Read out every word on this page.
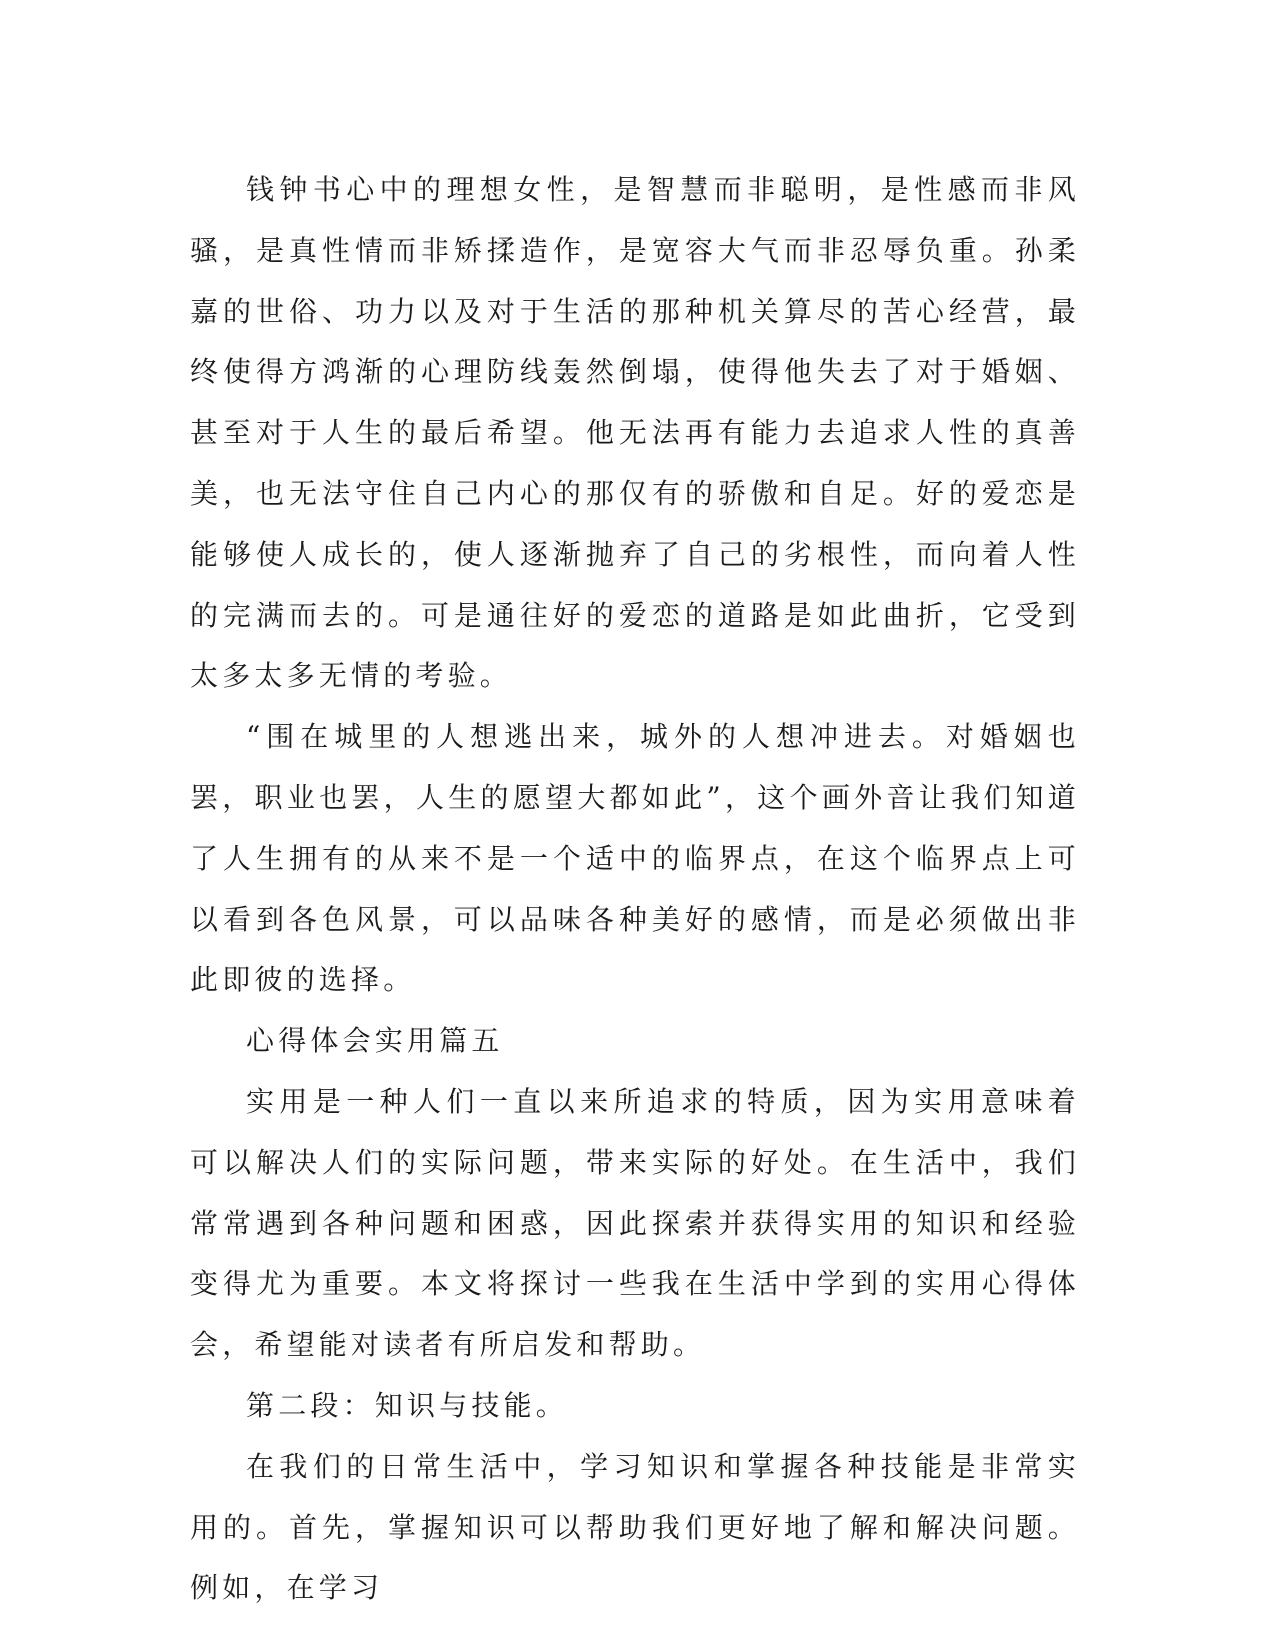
钱钟书心中的理想女性，是智慧而非聪明，是性感而非风骚，是真性情而非矫揉造作，是宽容大气而非忍辱负重。孙柔嘉的世俗、功力以及对于生活的那种机关算尽的苦心经营，最终使得方鸿渐的心理防线轰然倒塌，使得他失去了对于婚姻、甚至对于人生的最后希望。他无法再有能力去追求人性的真善美，也无法守住自己内心的那仅有的骄傲和自足。好的爱恋是能够使人成长的，使人逐渐抛弃了自己的劣根性，而向着人性的完满而去的。可是通往好的爱恋的道路是如此曲折，它受到太多太多无情的考验。

“围在城里的人想逃出来，城外的人想冲进去。对婚姻也罢，职业也罢，人生的愿望大都如此”，这个画外音让我们知道了人生拥有的从来不是一个适中的临界点，在这个临界点上可以看到各色风景，可以品味各种美好的感情，而是必须做出非此即彼的选择。

心得体会实用篇五

实用是一种人们一直以来所追求的特质，因为实用意味着可以解决人们的实际问题，带来实际的好处。在生活中，我们常常遇到各种问题和困惑，因此探索并获得实用的知识和经验变得尤为重要。本文将探讨一些我在生活中学到的实用心得体会，希望能对读者有所启发和帮助。

第二段：知识与技能。

在我们的日常生活中，学习知识和掌握各种技能是非常实用的。首先，掌握知识可以帮助我们更好地了解和解决问题。例如，在学习
